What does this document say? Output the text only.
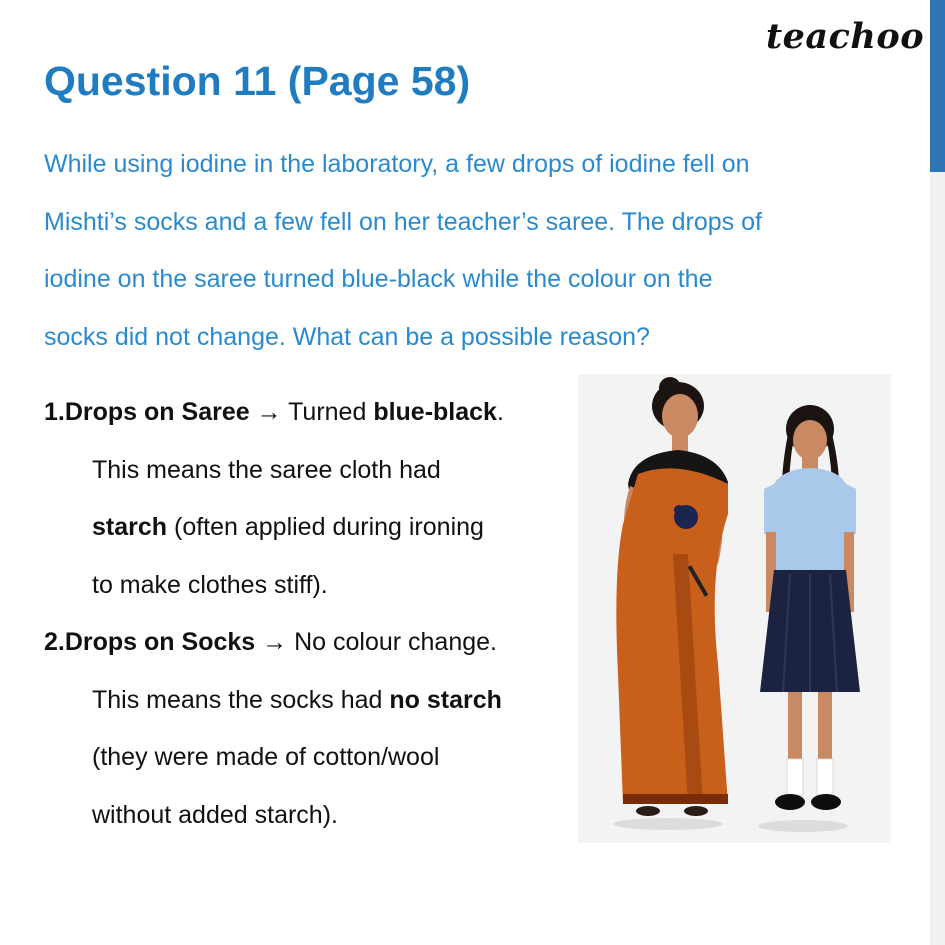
teachoo
Question 11 (Page 58)
While using iodine in the laboratory, a few drops of iodine fell on
Mishti’s socks and a few fell on her teacher’s saree. The drops of
iodine on the saree turned blue-black while the colour on the
socks did not change. What can be a possible reason?
1.Drops on Saree → Turned blue-black.
This means the saree cloth had
starch (often applied during ironing
to make clothes stiff).
2.Drops on Socks → No colour change.
This means the socks had no starch
(they were made of cotton/wool
without added starch).
